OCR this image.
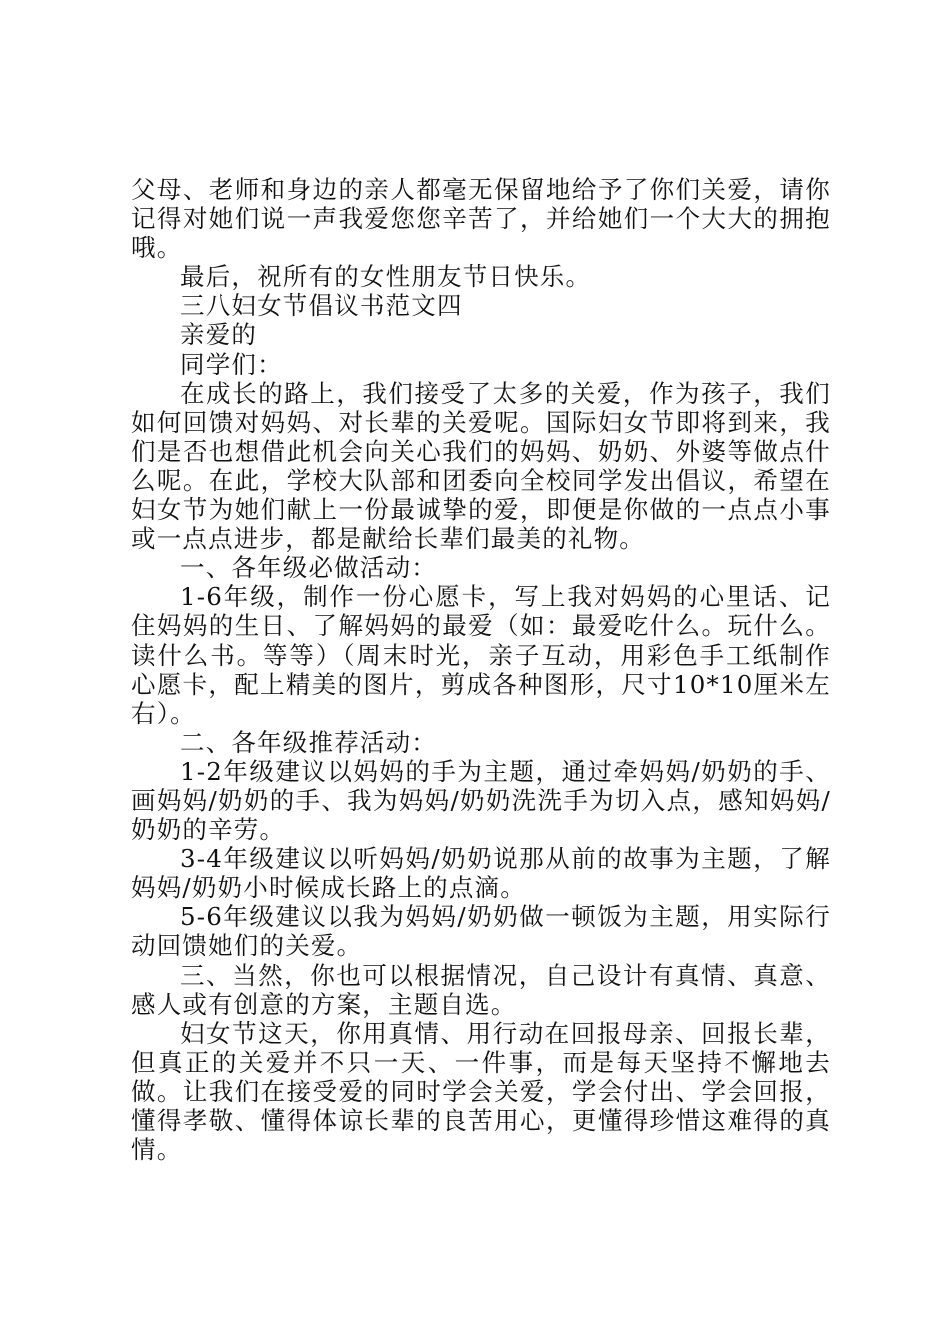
父母、老师和身边的亲人都毫无保留地给予了你们关爱，请你记得对她们说一声我爱您您辛苦了，并给她们一个大大的拥抱哦。

最后，祝所有的女性朋友节日快乐。

三八妇女节倡议书范文四

亲爱的

同学们：

在成长的路上，我们接受了太多的关爱，作为孩子，我们如何回馈对妈妈、对长辈的关爱呢。国际妇女节即将到来，我们是否也想借此机会向关心我们的妈妈、奶奶、外婆等做点什么呢。在此，学校大队部和团委向全校同学发出倡议，希望在妇女节为她们献上一份最诚挚的爱，即便是你做的一点点小事或一点点进步，都是献给长辈们最美的礼物。

一、各年级必做活动：

1-6年级，制作一份心愿卡，写上我对妈妈的心里话、记住妈妈的生日、了解妈妈的最爱（如：最爱吃什么。玩什么。读什么书。等等）（周末时光，亲子互动，用彩色手工纸制作心愿卡，配上精美的图片，剪成各种图形，尺寸10*10厘米左右）。

二、各年级推荐活动：

1-2年级建议以妈妈的手为主题，通过牵妈妈/奶奶的手、画妈妈/奶奶的手、我为妈妈/奶奶洗洗手为切入点，感知妈妈/奶奶的辛劳。

3-4年级建议以听妈妈/奶奶说那从前的故事为主题，了解妈妈/奶奶小时候成长路上的点滴。

5-6年级建议以我为妈妈/奶奶做一顿饭为主题，用实际行动回馈她们的关爱。

三、当然，你也可以根据情况，自己设计有真情、真意、感人或有创意的方案，主题自选。

妇女节这天，你用真情、用行动在回报母亲、回报长辈，但真正的关爱并不只一天、一件事，而是每天坚持不懈地去做。让我们在接受爱的同时学会关爱，学会付出、学会回报，懂得孝敬、懂得体谅长辈的良苦用心，更懂得珍惜这难得的真情。
